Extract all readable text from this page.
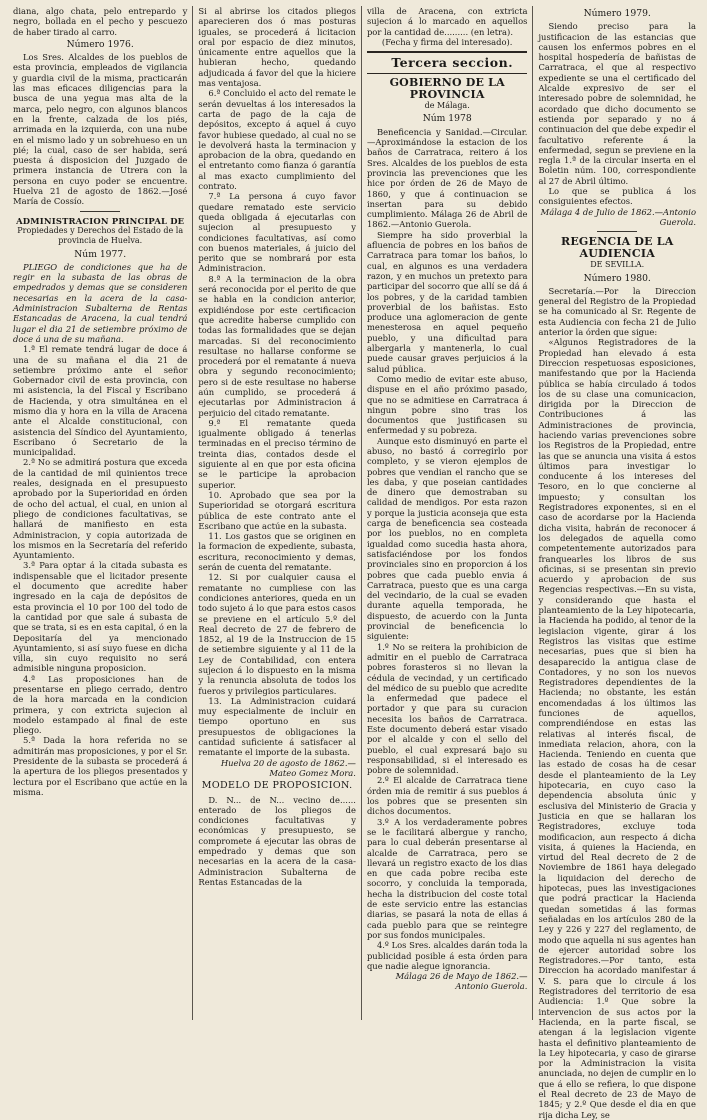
diana, algo chata, pelo entrepardo y negro, bollada en el pecho y pescuezo de haber tirado al carro.

Número 1976.

Los Sres. Alcaldes de los pueblos de esta provincia, empleados de vigilancia y guardia civil de la misma, practicarán las mas eficaces diligencias para la busca de una yegua mas alta de la marca, pelo negro, con algunos blancos en la frente, calzada de los piés, arrimada en la izquierda, con una nube en el mismo lado y un sobrehueso en un pié; la cual, caso de ser habida, será puesta á disposicion del Juzgado de primera instancia de Utrera con la persona en cuyo poder se encuentre. Huelva 21 de agosto de 1862.—José María de Cossío.

ADMINISTRACION PRINCIPAL DE

Propiedades y Derechos del Estado de la provincia de Huelva.

Núm 1977.

PLIEGO de condiciones que ha de regir en la subasta de las obras de empedrados y demas que se consideren necesarias en la acera de la casa-Administracion Subalterna de Rentas Estancadas de Aracena, la cual tendrá lugar el dia 21 de setiembre próximo de doce á una de su mañana.

1.ª El remate tendrá lugar de doce á una de su mañana el dia 21 de setiembre próximo ante el señor Gobernador civil de esta provincia, con mi asistencia, la del Fiscal y Escribano de Hacienda, y otra simultánea en el mismo dia y hora en la villa de Aracena ante el Alcalde constitucional, con asistencia del Síndico del Ayuntamiento, Escribano ó Secretario de la municipalidad.

2.ª No se admitirá postura que exceda de la cantidad de mil quinientos trece reales, designada en el presupuesto aprobado por la Superioridad en órden de ocho del actual, el cual, en union al pliego de condiciones facultativas, se hallará de manifiesto en esta Administracion, y copia autorizada de los mismos en la Secretaría del referido Ayuntamiento.

3.ª Para optar á la citada subasta es indispensable que el licitador presente el documento que acredite haber ingresado en la caja de depósitos de esta provincia el 10 por 100 del todo de la cantidad por que sale á subasta de que se trata, si es en esta capital, ó en la Depositaría del ya mencionado Ayuntamiento, si así suyo fuese en dicha villa, sin cuyo requisito no será admisible ninguna proposicion.

4.ª Las proposiciones han de presentarse en pliego cerrado, dentro de la hora marcada en la condicion primera, y con extricta sujecion al modelo estampado al final de este pliego.

5.ª Dada la hora referida no se admitirán mas proposiciones, y por el Sr. Presidente de la subasta se procederá á la apertura de los pliegos presentados y lectura por el Escribano que actúe en la misma.

Si al abrirse los citados pliegos aparecieren dos ó mas posturas iguales, se procederá á licitacion oral por espacio de diez minutos, únicamente entre aquellos que la hubieran hecho, quedando adjudicada á favor del que la hiciere mas ventajosa.

6.ª Concluido el acto del remate le serán devueltas á los interesados la carta de pago de la caja de depósitos, excepto á aquel á cuyo favor hubiese quedado, al cual no se le devolverá hasta la terminacion y aprobacion de la obra, quedando en el entretanto como fianza ó garantía al mas exacto cumplimiento del contrato.

7.ª La persona á cuyo favor quedare rematado este servicio queda obligada á ejecutarlas con sujecion al presupuesto y condiciones facultativas, así como con buenos materiales, á juicio del perito que se nombrará por esta Administracion.

8.ª A la terminacion de la obra será reconocida por el perito de que se habla en la condicion anterior, expidiéndose por este certificacion que acredite haberse cumplido con todas las formalidades que se dejan marcadas. Si del reconocimiento resultase no hallarse conforme se procederá por el rematante á nueva obra y segundo reconocimiento; pero si de este resultase no haberse aún cumplido, se procederá á ejecutarlas por Administracion á perjuicio del citado rematante.

9.ª El rematante queda igualmente obligado á tenerlas terminadas en el preciso término de treinta dias, contados desde el siguiente al en que por esta oficina se le participe la aprobacion superior.

10. Aprobado que sea por la Superioridad se otorgará escritura pública de este contrato ante el Escribano que actúe en la subasta.

11. Los gastos que se originen en la formacion de expediente, subasta, escritura, reconocimiento y demas, serán de cuenta del rematante.

12. Si por cualquier causa el rematante no cumpliese con las condiciones anteriores, queda en un todo sujeto á lo que para estos casos se previene en el artículo 5.º del Real decreto de 27 de febrero de 1852, al 19 de la Instruccion de 15 de setiembre siguiente y al 11 de la Ley de Contabilidad, con entera sujecion á lo dispuesto en la misma y la renuncia absoluta de todos los fueros y privilegios particulares.

13. La Administracion cuidará muy especialmente de incluir en tiempo oportuno en sus presupuestos de obligaciones la cantidad suficiente á satisfacer al rematante el importe de la subasta.

Huelva 20 de agosto de 1862.—Mateo Gomez Mora.

MODELO DE PROPOSICION.

D. N... de N... vecino de...... enterado de los pliegos de condiciones facultativas y económicas y presupuesto, se compromete á ejecutar las obras de empedrado y demas que son necesarias en la acera de la casa-Administracion Subalterna de Rentas Estancadas de la

villa de Aracena, con extricta sujecion á lo marcado en aquellos por la cantidad de......... (en letra).

(Fecha y firma del interesado).

Tercera seccion.

GOBIERNO DE LA PROVINCIA

de Málaga.

Núm 1978

Beneficencia y Sanidad.—Circular.—Aproximándose la estacion de los baños de Carratraca, reitero á los Sres. Alcaldes de los pueblos de esta provincia las prevenciones que les hice por órden de 26 de Mayo de 1860, y que á continuacion se insertan para su debido cumplimiento. Málaga 26 de Abril de 1862.—Antonio Guerola.

Siempre ha sido proverbial la afluencia de pobres en los baños de Carratraca para tomar los baños, lo cual, en algunos es una verdadera razon, y en muchos un pretexto para participar del socorro que allí se dá á los pobres, y de la caridad tambien proverbial de los bañistas. Esto produce una aglomeracion de gente menesterosa en aquel pequeño pueblo, y una dificultad para albergarla y mantenerla, lo cual puede causar graves perjuicios á la salud pública.

Como medio de evitar este abuso, dispuse en el año próximo pasado, que no se admitiese en Carratraca á ningun pobre sino tras los documentos que justificasen su enfermedad y su pobreza.

Aunque esto disminuyó en parte el abuso, no bastó á corregirlo por completo, y se vieron ejemplos de pobres que vendian el rancho que se les daba, y que poseian cantidades de dinero que demostraban su calidad de mendigos. Por esta razon y porque la justicia aconseja que esta carga de beneficencia sea costeada por los pueblos, no en completa igualdad como sucedia hasta ahora, satisfaciéndose por los fondos provinciales sino en proporcion á los pobres que cada pueblo envia á Carratraca, puesto que es una carga del vecindario, de la cual se evaden durante aquella temporada, he dispuesto, de acuerdo con la Junta provincial de beneficencia lo siguiente:

1.º No se reitera la prohibicion de admitir en el pueblo de Carratraca pobres forasteros si no llevan la cédula de vecindad, y un certificado del médico de su pueblo que acredite la enfermedad que padece el portador y que para su curacion necesita los baños de Carratraca. Este documento deberá estar visado por el alcalde y con el sello del pueblo, el cual expresará bajo su responsabilidad, si el interesado es pobre de solemnidad.

2.º El alcalde de Carratraca tiene órden mia de remitir á sus pueblos á los pobres que se presenten sin dichos documentos.

3.º A los verdaderamente pobres se le facilitará albergue y rancho, para lo cual deberán presentarse al alcalde de Carratraca, pero se llevará un registro exacto de los dias en que cada pobre reciba este socorro, y concluida la temporada, hecha la distribucion del coste total de este servicio entre las estancias diarias, se pasará la nota de ellas á cada pueblo para que se reintegre por sus fondos municipales.

4.º Los Sres. alcaldes darán toda la publicidad posible á esta órden para que nadie alegue ignorancia.

Málaga 26 de Mayo de 1862.—Antonio Guerola.

Número 1979.

Siendo preciso para la justificacion de las estancias que causen los enfermos pobres en el hospital hospedería de bañistas de Carratraca, el que al respectivo expediente se una el certificado del Alcalde expresivo de ser el interesado pobre de solemnidad, he acordado que dicho documento se estienda por separado y no á continuacion del que debe expedir el facultativo referente á la enfermedad, segun se previene en la regla 1.ª de la circular inserta en el Boletin núm. 100, correspondiente al 27 de Abril último.

Lo que se publica á los consiguientes efectos.

Málaga 4 de Julio de 1862.—Antonio Guerola.

REGENCIA DE LA AUDIENCIA

DE SEVILLA.

Número 1980.

Secretaría.—Por la Direccion general del Registro de la Propiedad se ha comunicado al Sr. Regente de esta Audiencia con fecha 21 de Julio anterior la órden que sigue:

«Algunos Registradores de la Propiedad han elevado á esta Direccion respetuosas esposiciones, manifestando que por la Hacienda pública se había circulado á todos los de su clase una comunicacion, dirigida por la Direccion de Contribuciones á las Administraciones de provincia, haciendo varias prevenciones sobre los Registros de la Propiedad, entre las que se anuncia una visita á estos últimos para investigar lo conducente á los intereses del Tesoro, en lo que concierne al impuesto; y consultan los Registradores exponentes, si en el caso de acordarse por la Hacienda dicha visita, habrán de reconocer á los delegados de aquella como competentemente autorizados para franquearles los libros de sus oficinas, si se presentan sin previo acuerdo y aprobacion de sus Regencias respectivas.—En su vista, y considerando que hasta el planteamiento de la Ley hipotecaria, la Hacienda ha podido, al tenor de la legislacion vigente, girar á los Registros las visitas que estime necesarias, pues que si bien ha desaparecido la antigua clase de Contadores, y no son los nuevos Registradores dependientes de la Hacienda; no obstante, les están encomendadas á los últimos las funciones de aquellos, comprendiéndose en estas las relativas al interés fiscal, de inmediata relacion, ahora, con la Hacienda. Teniendo en cuenta que las estado de cosas ha de cesar desde el planteamiento de la Ley hipotecaria, en cuyo caso la dependencia absoluta únic y esclusiva del Ministerio de Gracia y Justicia en que se hallaran los Registradores, excluye toda modificacion, aun respecto á dicha visita, á quienes la Hacienda, en virtud del Real decreto de 2 de Noviembre de 1861 haya delegado la liquidacion del derecho de hipotecas, pues las investigaciones que podrá practicar la Hacienda quedan sometidas á las formas señaladas en los artículos 280 de la Ley y 226 y 227 del reglamento, de modo que aquella ni sus agentes han de ejercer autoridad sobre los Registradores.—Por tanto, esta Direccion ha acordado manifestar á V. S. para que lo circule á los Registradores del territorio de esa Audiencia: 1.º Que sobre la intervencion de sus actos por la Hacienda, en la parte fiscal, se atengan á la legislacion vigente hasta el definitivo planteamiento de la Ley hipotecaria, y caso de girarse por la Administracion la visita anunciada, no dejen de cumplir en lo que á ello se refiera, lo que dispone el Real decreto de 23 de Mayo de 1845; y 2.º Que desde el dia en que rija dicha Ley, se
